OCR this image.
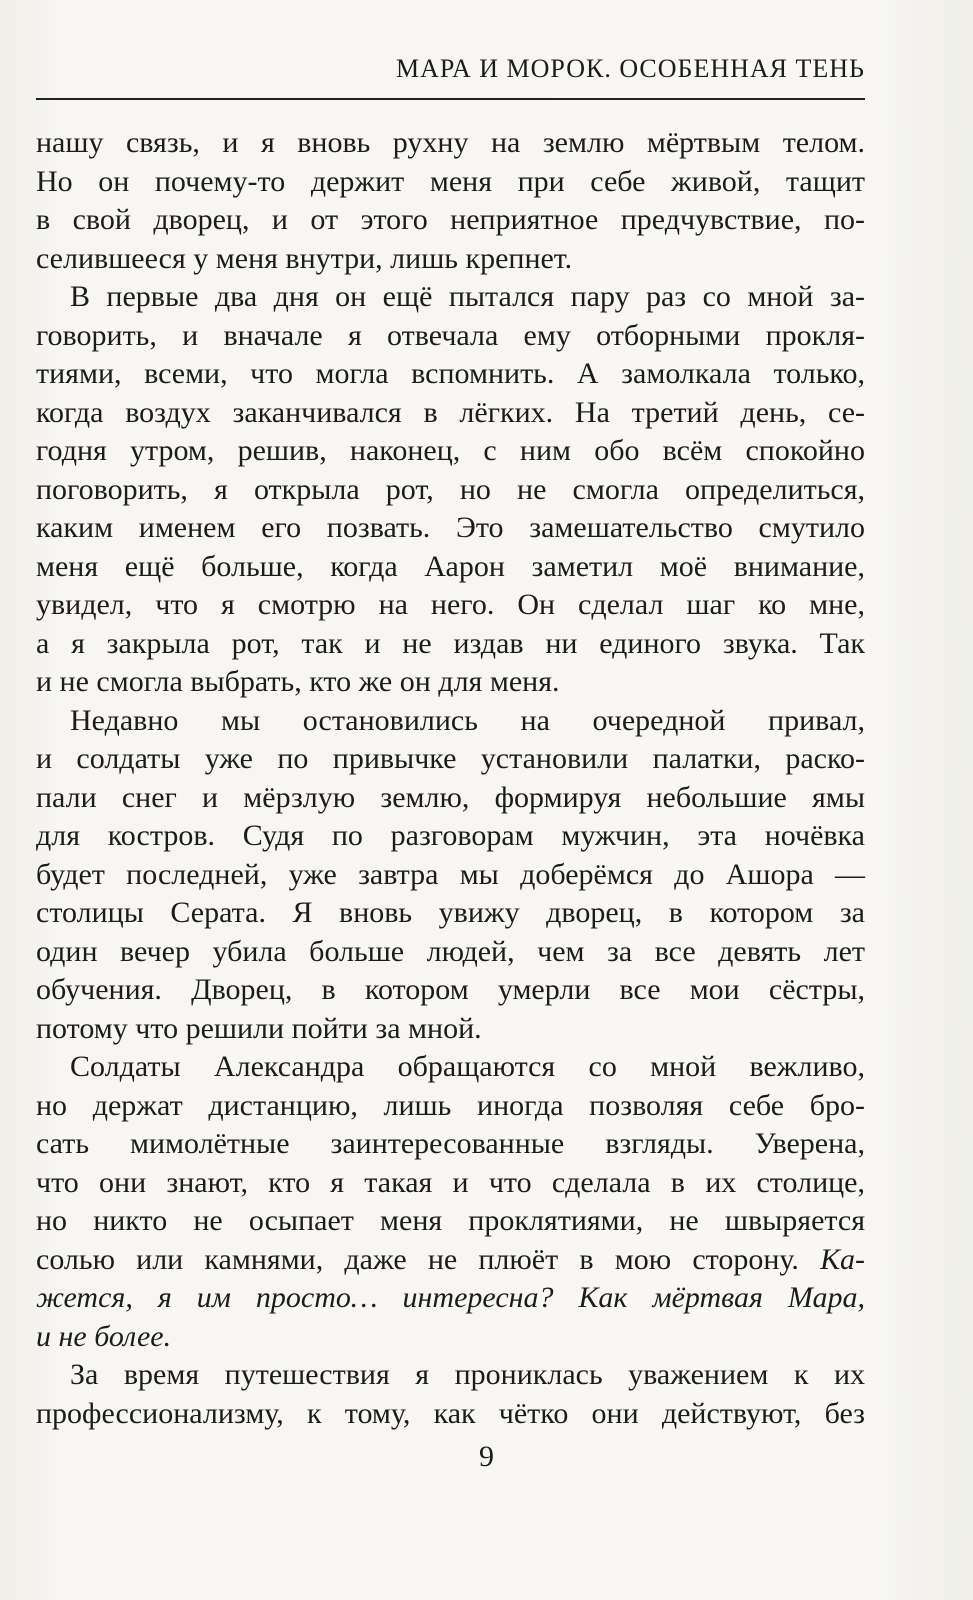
МАРА И МОРОК. ОСОБЕННАЯ ТЕНЬ
нашу связь, и я вновь рухну на землю мёртвым телом.
Но он почему-то держит меня при себе живой, тащит
в свой дворец, и от этого неприятное предчувствие, по-
селившееся у меня внутри, лишь крепнет.
В первые два дня он ещё пытался пару раз со мной за-
говорить, и вначале я отвечала ему отборными прокля-
тиями, всеми, что могла вспомнить. А замолкала только,
когда воздух заканчивался в лёгких. На третий день, се-
годня утром, решив, наконец, с ним обо всём спокойно
поговорить, я открыла рот, но не смогла определиться,
каким именем его позвать. Это замешательство смутило
меня ещё больше, когда Аарон заметил моё внимание,
увидел, что я смотрю на него. Он сделал шаг ко мне,
а я закрыла рот, так и не издав ни единого звука. Так
и не смогла выбрать, кто же он для меня.
Недавно мы остановились на очередной привал,
и солдаты уже по привычке установили палатки, раско-
пали снег и мёрзлую землю, формируя небольшие ямы
для костров. Судя по разговорам мужчин, эта ночёвка
будет последней, уже завтра мы доберёмся до Ашора —
столицы Серата. Я вновь увижу дворец, в котором за
один вечер убила больше людей, чем за все девять лет
обучения. Дворец, в котором умерли все мои сёстры,
потому что решили пойти за мной.
Солдаты Александра обращаются со мной вежливо,
но держат дистанцию, лишь иногда позволяя себе бро-
сать мимолётные заинтересованные взгляды. Уверена,
что они знают, кто я такая и что сделала в их столице,
но никто не осыпает меня проклятиями, не швыряется
солью или камнями, даже не плюёт в мою сторону. Ка-
жется, я им просто… интересна? Как мёртвая Мара,
и не более.
За время путешествия я прониклась уважением к их
профессионализму, к тому, как чётко они действуют, без
9
